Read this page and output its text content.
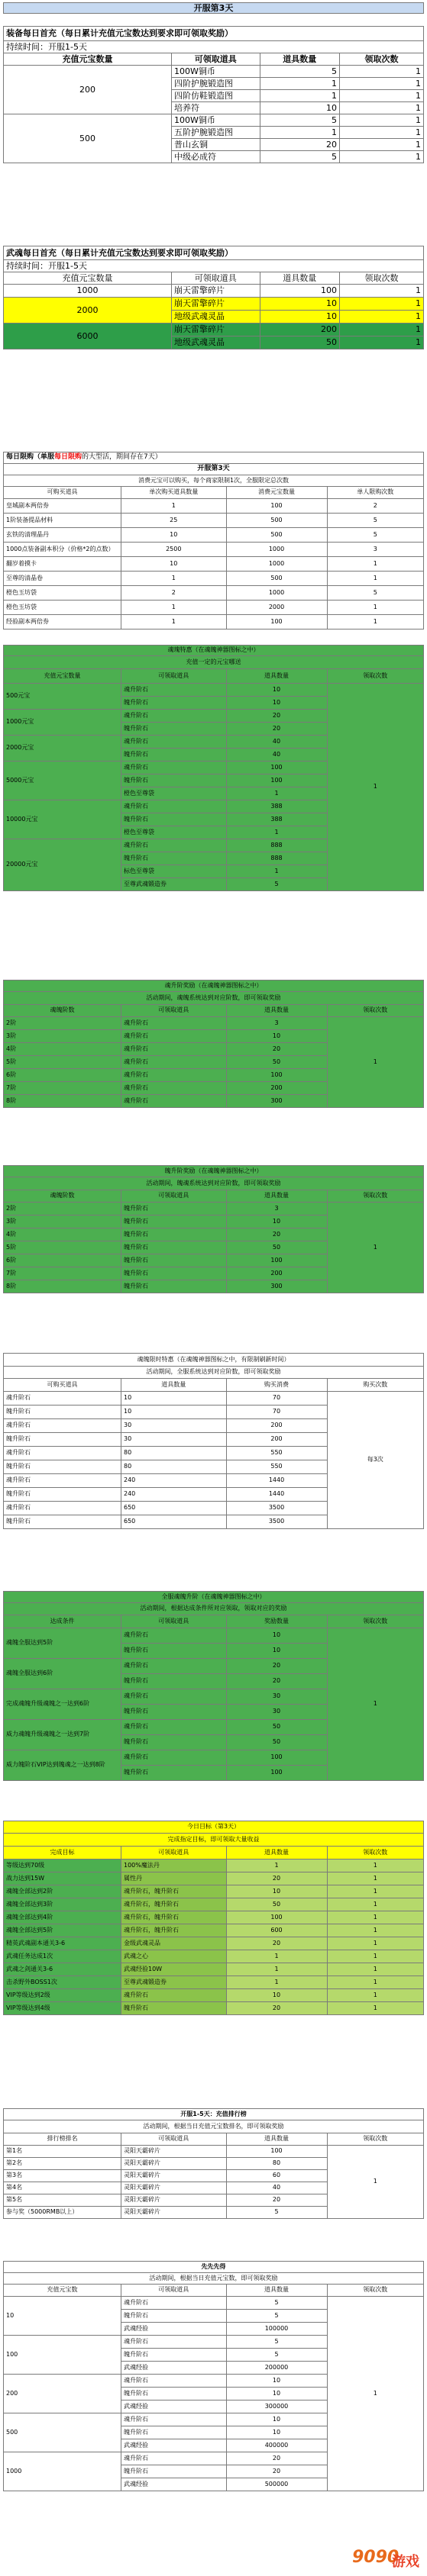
开服第3天
装备每日首充（每日累计充值元宝数达到要求即可领取奖励）			
持续时间：开服1-5天			
充值元宝数量	可领取道具	道具数量	领取次数
200	100W铜币	5	1
	四阶护腕锻造图	1	1
	四阶仿鞋锻造图	1	1
	培养符	10	1
500	100W铜币	5	1
	五阶护腕锻造图	1	1
	普山玄铜	20	1
	中级必成符	5	1
武魂每日首充（每日累计充值元宝数达到要求即可领取奖励）			
持续时间：开服1-5天			
充值元宝数量	可领取道具	道具数量	领取次数
1000	崩天雷擎碎片	100	1
2000	崩天雷擎碎片	10	1
	地级武魂灵晶	10	1
6000	崩天雷擎碎片	200	1
	地级武魂灵晶	50	1
每日限购（单服每日限购的大型活，期间存在7天）			
开服第3天			
消费元宝可以购买，每个商家限制1次，全服限定总次数			
可购买道具	单次购买道具数量	消费元宝数量	单人限购次数
皇城副本两倍券	1	100	2
1阶装备提品材料	25	500	5
玄铁的清理晶丹	10	500	5
1000点装备副本积分（价格*2的点数）	2500	1000	3
翻岁着摸卡	10	1000	1
至尊的清晶卷	1	500	1
橙色玉坊袋	2	1000	5
橙色玉坊袋	1	2000	1
经验副本两倍券	1	100	1
魂瑰特惠（在魂魄神器图标之中）			
充值一定的元宝哪送			
充值元宝数量	可领取道具	道具数量	领取次数
500元宝	魂升阶石	10	1
	魄升阶石	10	
1000元宝	魂升阶石	20	
	魄升阶石	20	
2000元宝	魂升阶石	40	
	魄升阶石	40	
5000元宝	魂升阶石	100	
	魄升阶石	100	
	橙色至尊袋	1	
10000元宝	魂升阶石	388	
	魄升阶石	388	
	橙色至尊袋	1	
20000元宝	魂升阶石	888	
	魄升阶石	888	
	标色至尊袋	1	
	至尊武魂锻造券	5	
魂升阶奖励（在魂魄神器图标之中）			
活动期间，魂魄系统达到对应阶数，即可领取奖励			
魂魄阶数	可领取道具	道具数量	领取次数
2阶	魂升阶石	3	1
3阶	魂升阶石	10	
4阶	魂升阶石	20	
5阶	魂升阶石	50	
6阶	魂升阶石	100	
7阶	魂升阶石	200	
8阶	魂升阶石	300	
魄升阶奖励（在魂魄神器图标之中）			
活动期间，魄魂系统达到对应阶数，即可领取奖励			
魂魄阶数	可领取道具	道具数量	领取次数
2阶	魄升阶石	3	1
3阶	魄升阶石	10	
4阶	魄升阶石	20	
5阶	魄升阶石	50	
6阶	魄升阶石	100	
7阶	魄升阶石	200	
8阶	魄升阶石	300	
魂魄限时特惠（在魂魄神器图标之中，有限制刷新时间）			
活动期间，全服系统达到对应阶数，即可领取奖励			
可购买道具	道具数量	购买消费	购买次数
魂升阶石	10	70	每3次
魄升阶石	10	70	
魂升阶石	30	200	
魄升阶石	30	200	
魂升阶石	80	550	
魄升阶石	80	550	
魂升阶石	240	1440	
魄升阶石	240	1440	
魂升阶石	650	3500	
魄升阶石	650	3500	
全服魂魄升阶（在魂魄神器图标之中）			
活动期间，根据达成条件所对应领取，领取对应的奖励			
达成条件	可领取道具	奖励数量	领取次数
魂魄全服达到5阶	魂升阶石	10	1
	魄升阶石	10	
魂魄全服达到6阶	魂升阶石	20	
	魄升阶石	20	
完成魂魄升级魂魄之一达到6阶	魂升阶石	30	
	魄升阶石	30	
威力魂魄升级魂魄之一达到7阶	魂升阶石	50	
	魄升阶石	50	
威力魄阶石VIP达到魄魂之一达到8阶	魂升阶石	100	
	魄升阶石	100	
今日目标（第3天）			
完成指定目标，即可领取大量收益			
完成目标	可领取道具	道具数量	领取次数
等级达到70级	100%魔法丹	1	1
战力达到15W	属性丹	20	1
魂魄全部达到2阶	魂升阶石，魄升阶石	10	1
魂魄全部达到3阶	魂升阶石，魄升阶石	50	1
魂魄全部达到4阶	魂升阶石，魄升阶石	100	1
魂魄全部达到5阶	魂升阶石，魄升阶石	600	1
精英武魂副本通关3-6	金级武魂灵品	20	1
武魂任务达成1次	武魂之心	1	1
武魂之剑通关3-6	武魂经验10W	1	1
击杀野外BOSS1次	至尊武魂锻造券	1	1
VIP等级达到2级	魂升阶石	10	1
VIP等级达到4级	魄升阶石	20	1
开服1-5天：充值排行榜			
活动期间，根据当日充值元宝数排名，即可领取奖励			
排行榜排名	可领取道具	道具数量	领取次数
第1名	灵阳天霸碎片	100	1
第2名	灵阳天霸碎片	80	
第3名	灵阳天霸碎片	60	
第4名	灵阳天霸碎片	40	
第5名	灵阳天霸碎片	20	
参与奖（5000RMB以上）	灵阳天霸碎片	5	
先先先得			
活动期间，根据当日充值元宝数，即可领取奖励			
充值元宝数	可领取道具	道具数量	领取次数
10	魂升阶石	5	1
	魄升阶石	5	
	武魂经验	100000	
100	魂升阶石	5	
	魄升阶石	5	
	武魂经验	200000	
200	魂升阶石	10	
	魄升阶石	10	
	武魂经验	300000	
500	魂升阶石	10	
	魄升阶石	10	
	武魂经验	400000	
1000	魂升阶石	20	
	魄升阶石	20	
	武魂经验	500000	
9090
游戏
